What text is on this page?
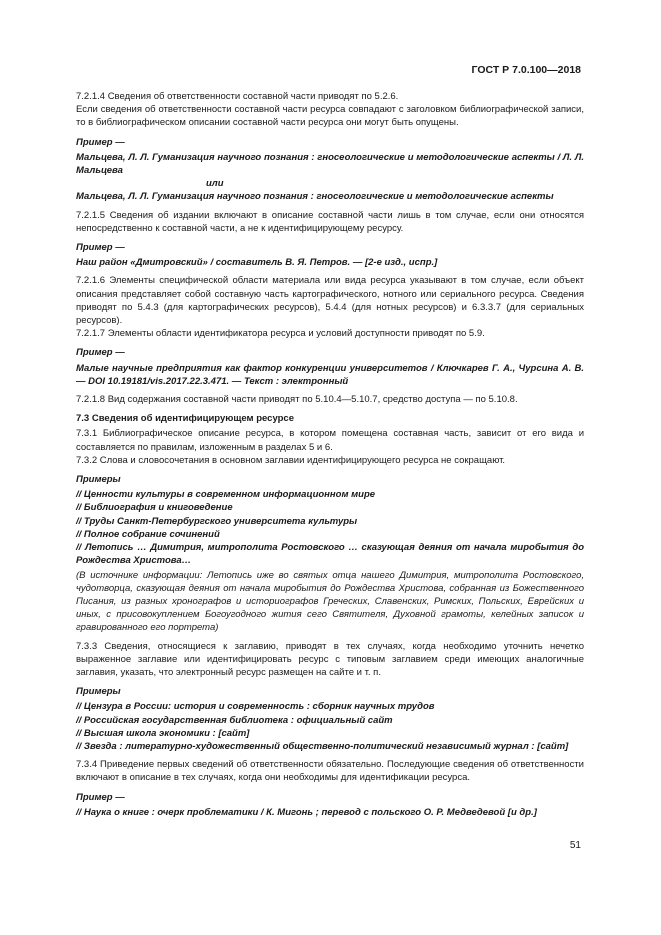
ГОСТ Р 7.0.100—2018

7.2.1.4 Сведения об ответственности составной части приводят по 5.2.6.

Если сведения об ответственности составной части ресурса совпадают с заголовком библиографической записи, то в библиографическом описании составной части ресурса они могут быть опущены.

Пример —

Мальцева, Л. Л. Гуманизация научного познания : гносеологические и методологические аспекты / Л. Л. Мальцева

или

Мальцева, Л. Л. Гуманизация научного познания : гносеологические и методологические аспекты

7.2.1.5 Сведения об издании включают в описание составной части лишь в том случае, если они относятся непосредственно к составной части, а не к идентифицирующему ресурсу.

Пример —

Наш район «Дмитровский» / составитель В. Я. Петров. — [2-е изд., испр.]

7.2.1.6 Элементы специфической области материала или вида ресурса указывают в том случае, если объект описания представляет собой составную часть картографического, нотного или сериального ресурса. Сведения приводят по 5.4.3 (для картографических ресурсов), 5.4.4 (для нотных ресурсов) и 6.3.3.7 (для сериальных ресурсов).

7.2.1.7 Элементы области идентификатора ресурса и условий доступности приводят по 5.9.

Пример —

Малые научные предприятия как фактор конкуренции университетов / Ключкарев Г. А., Чурсина А. В. — DOI 10.19181/vis.2017.22.3.471. — Текст : электронный

7.2.1.8 Вид содержания составной части приводят по 5.10.4—5.10.7, средство доступа — по 5.10.8.

7.3 Сведения об идентифицирующем ресурсе

7.3.1 Библиографическое описание ресурса, в котором помещена составная часть, зависит от его вида и составляется по правилам, изложенным в разделах 5 и 6.

7.3.2 Слова и словосочетания в основном заглавии идентифицирующего ресурса не сокращают.

Примеры

// Ценности культуры в современном информационном мире

// Библиография и книговедение

// Труды Санкт-Петербургского университета культуры

// Полное собрание сочинений

// Летопись … Димитрия, митрополита Ростовского … сказующая деяния от начала миробытия до Рождества Христова…

(В источнике информации: Летопись иже во святых отца нашего Димитрия, митрополита Ростовского, чудотворца, сказующая деяния от начала миробытия до Рождества Христова, собранная из Божественного Писания, из разных хронографов и историографов Греческих, Славенских, Римских, Польских, Еврейских и иных, с присовокуплением Богоугодного жития сего Святителя, Духовной грамоты, келейных записок и гравированного его портрета)

7.3.3 Сведения, относящиеся к заглавию, приводят в тех случаях, когда необходимо уточнить нечетко выраженное заглавие или идентифицировать ресурс с типовым заглавием среди имеющих аналогичные заглавия, указать, что электронный ресурс размещен на сайте и т. п.

Примеры

// Цензура в России: история и современность : сборник научных трудов

// Российская государственная библиотека : официальный сайт

// Высшая школа экономики : [сайт]

// Звезда : литературно-художественный общественно-политический независимый журнал : [сайт]

7.3.4 Приведение первых сведений об ответственности обязательно. Последующие сведения об ответственности включают в описание в тех случаях, когда они необходимы для идентификации ресурса.

Пример —

// Наука о книге : очерк проблематики / К. Мигонь ; перевод с польского О. Р. Медведевой [и др.]

51
